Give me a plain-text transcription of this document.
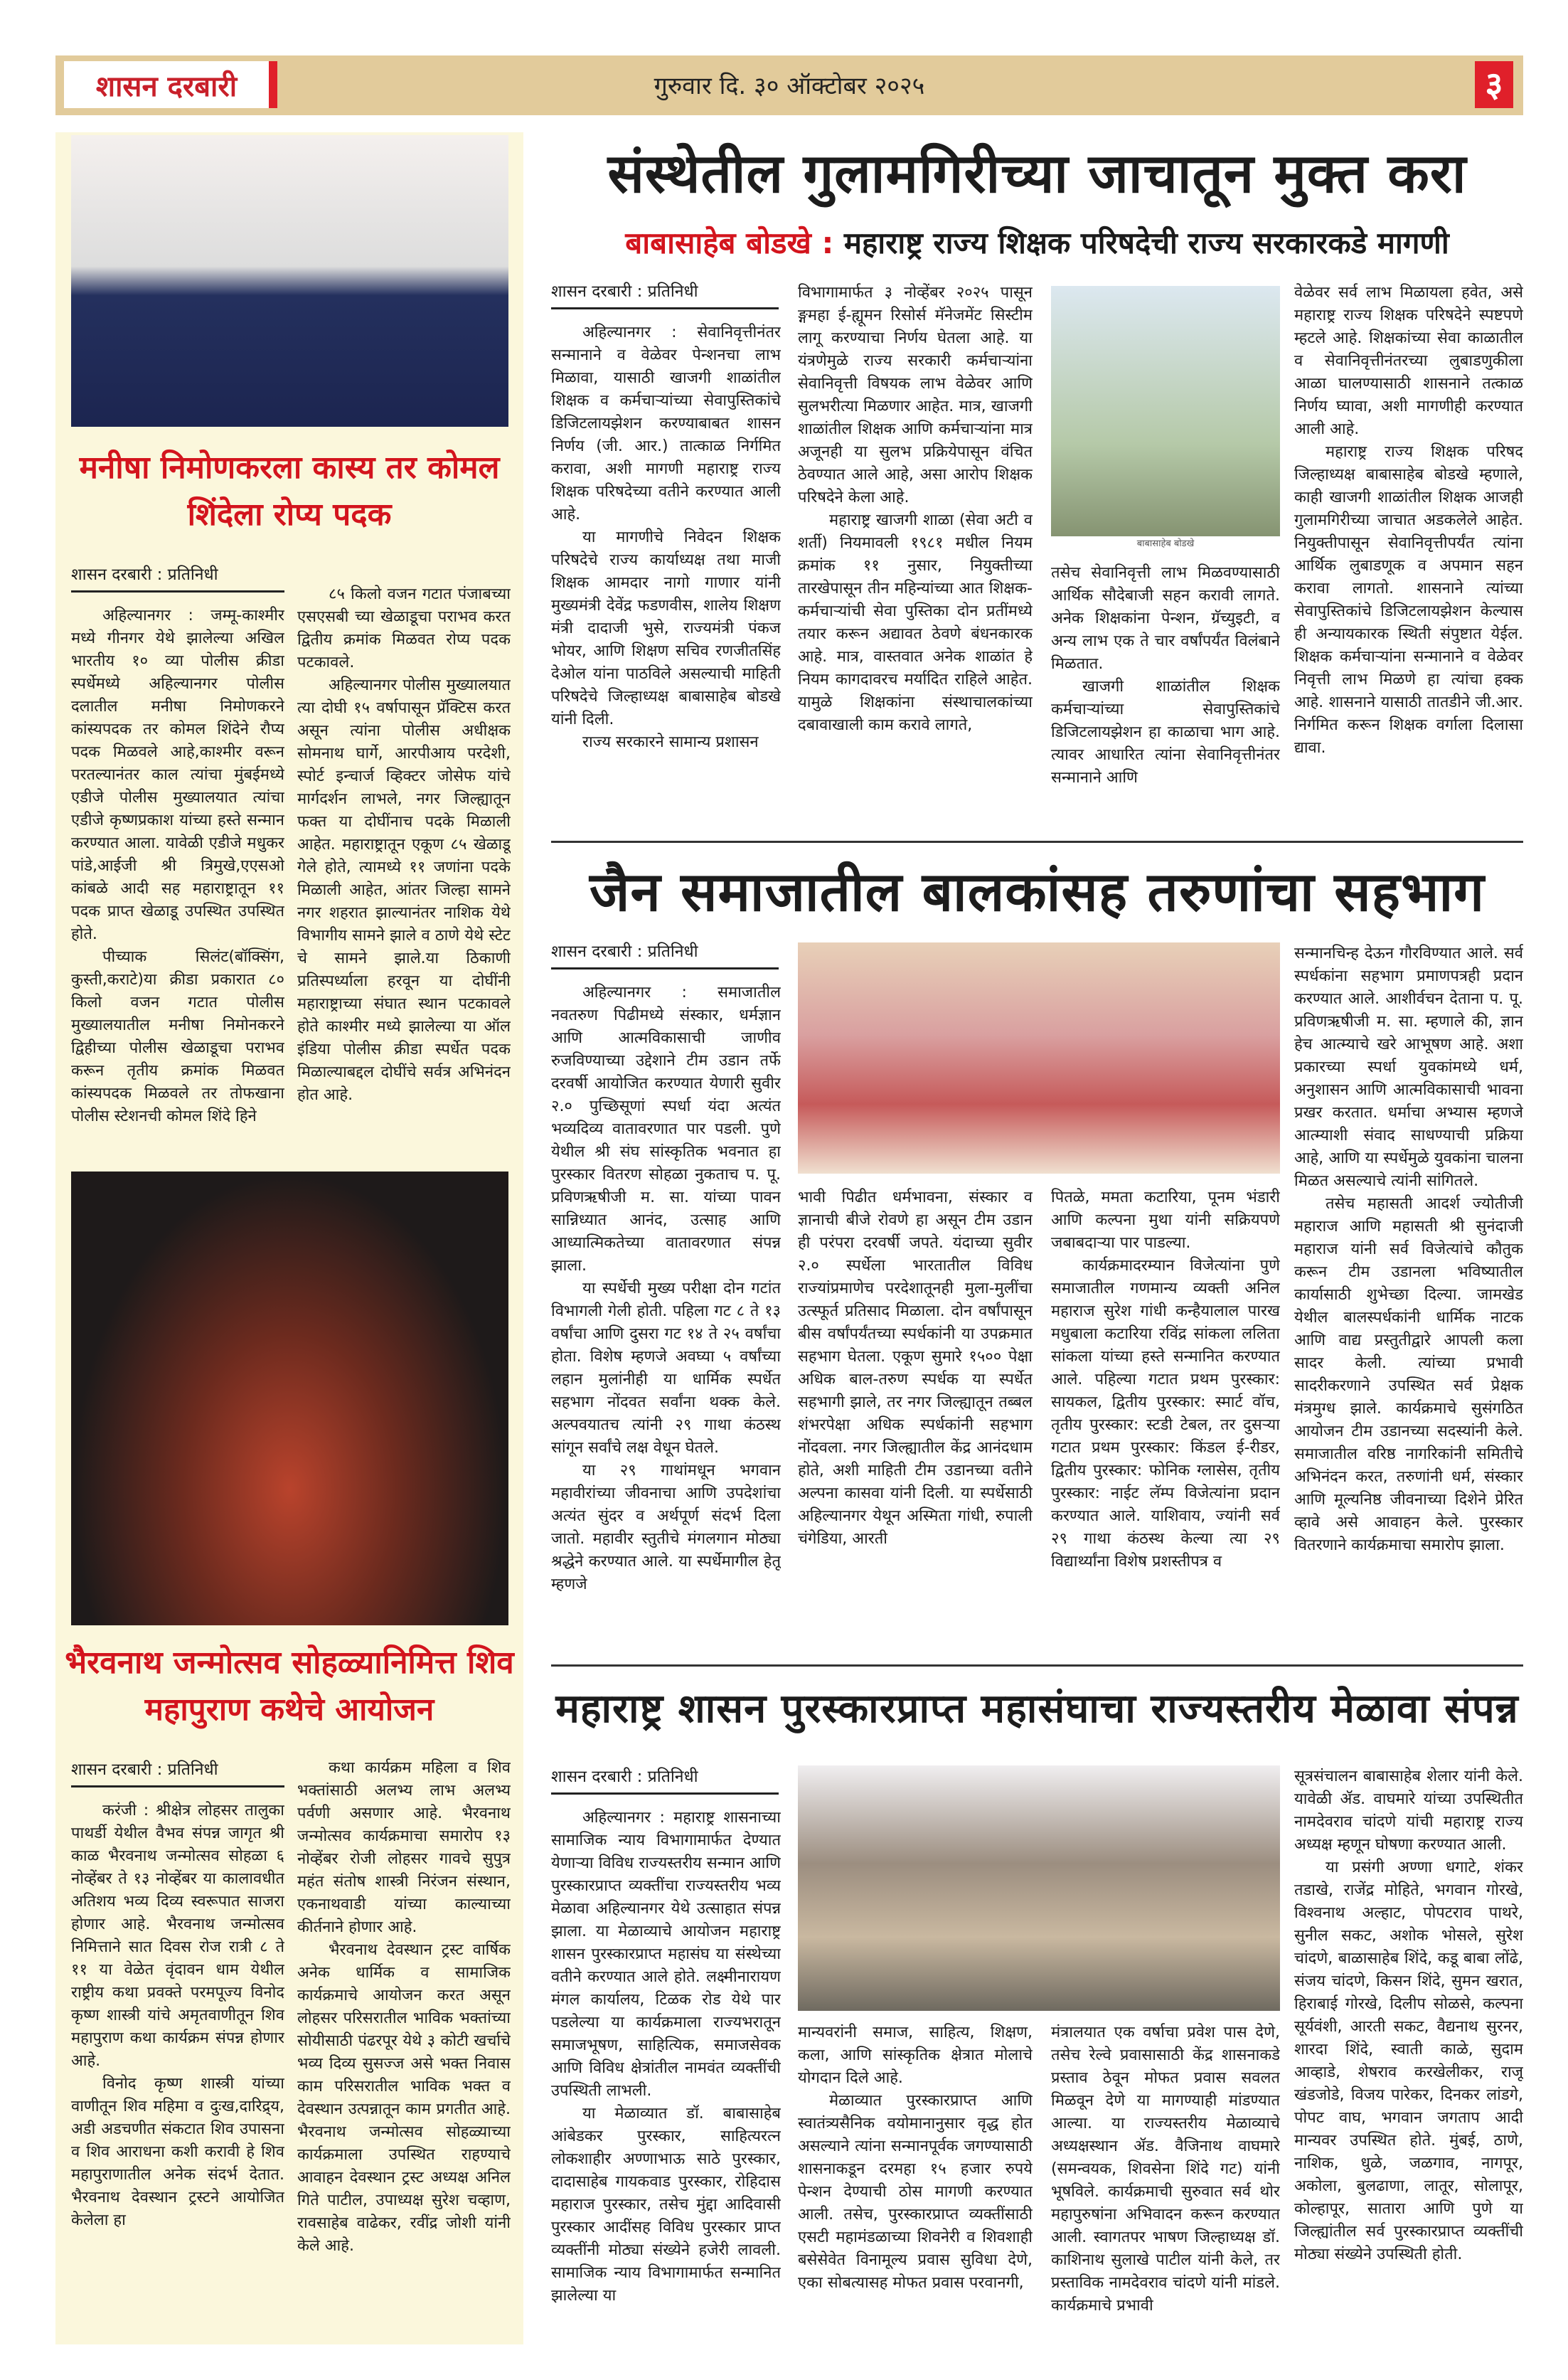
शासन दरबारी	गुरुवार दि. ३० ऑक्टोबर २०२५	३
मनीषा निमोणकरला कास्य तर कोमल शिंदेला रोप्य पदक
शासन दरबारी : प्रतिनिधी

अहिल्यानगर : जम्मू-काश्मीर मध्ये गीनगर येथे झालेल्या अखिल भारतीय १० व्या पोलीस क्रीडा स्पर्धेमध्ये अहिल्यानगर पोलीस दलातील मनीषा निमोणकरने कांस्यपदक तर कोमल शिंदेने रौप्य पदक मिळवले आहे,काश्मीर वरून परतल्यानंतर काल त्यांचा मुंबईमध्ये एडीजे पोलीस मुख्यालयात त्यांचा एडीजे कृष्णप्रकाश यांच्या हस्ते सन्मान करण्यात आला. यावेळी एडीजे मधुकर पांडे,आईजी श्री त्रिमुखे,एएसओ कांबळे आदी सह महाराष्ट्रातून ११ पदक प्राप्त खेळाडू उपस्थित उपस्थित होते.

पीच्याक सिलंट(बॉक्सिंग, कुस्ती,कराटे)या क्रीडा प्रकारात ८० किलो वजन गटात पोलीस मुख्यालयातील मनीषा निमोनकरने द्विहीच्या पोलीस खेळाडूचा पराभव करून तृतीय क्रमांक मिळवत कांस्यपदक मिळवले तर तोफखाना पोलीस स्टेशनची कोमल शिंदे हिने

८५ किलो वजन गटात पंजाबच्या एसएसबी च्या खेळाडूचा पराभव करत द्वितीय क्रमांक मिळवत रोप्य पदक पटकावले.

अहिल्यानगर पोलीस मुख्यालयात त्या दोघी १५ वर्षापासून प्रॅक्टिस करत असून त्यांना पोलीस अधीक्षक सोमनाथ घार्गे, आरपीआय परदेशी, स्पोर्ट इन्चार्ज व्हिक्टर जोसेफ यांचे मार्गदर्शन लाभले, नगर जिल्ह्यातून फक्त या दोघींनाच पदके मिळाली आहेत. महाराष्ट्रातून एकूण ८५ खेळाडू गेले होते, त्यामध्ये ११ जणांना पदके मिळाली आहेत, आंतर जिल्हा सामने नगर शहरात झाल्यानंतर नाशिक येथे विभागीय सामने झाले व ठाणे येथे स्टेट चे सामने झाले.या ठिकाणी प्रतिस्पर्ध्याला हरवून या दोघींनी महाराष्ट्राच्या संघात स्थान पटकावले होते काश्मीर मध्ये झालेल्या या ऑल इंडिया पोलीस क्रीडा स्पर्धेत पदक मिळाल्याबद्दल दोघींचे सर्वत्र अभिनंदन होत आहे.

भैरवनाथ जन्मोत्सव सोहळ्यानिमित्त शिव महापुराण कथेचे आयोजन
शासन दरबारी : प्रतिनिधी

करंजी : श्रीक्षेत्र लोहसर तालुका पाथर्डी येथील वैभव संपन्न जागृत श्री काळ भैरवनाथ जन्मोत्सव सोहळा ६ नोव्हेंबर ते १३ नोव्हेंबर या कालावधीत अतिशय भव्य दिव्य स्वरूपात साजरा होणार आहे. भैरवनाथ जन्मोत्सव निमित्ताने सात दिवस रोज रात्री ८ ते ११ या वेळेत वृंदावन धाम येथील राष्ट्रीय कथा प्रवक्ते परमपूज्य विनोद कृष्ण शास्त्री यांचे अमृतवाणीतून शिव महापुराण कथा कार्यक्रम संपन्न होणार आहे.

विनोद कृष्ण शास्त्री यांच्या वाणीतून शिव महिमा व दुःख,दारिद्र्य, अडी अडचणीत संकटात शिव उपासना व शिव आराधना कशी करावी हे शिव महापुराणातील अनेक संदर्भ देतात. भैरवनाथ देवस्थान ट्रस्टने आयोजित केलेला हा

कथा कार्यक्रम महिला व शिव भक्तांसाठी अलभ्य लाभ अलभ्य पर्वणी असणार आहे. भैरवनाथ जन्मोत्सव कार्यक्रमाचा समारोप १३ नोव्हेंबर रोजी लोहसर गावचे सुपुत्र महंत संतोष शास्त्री निरंजन संस्थान, एकनाथवाडी यांच्या काल्याच्या कीर्तनाने होणार आहे.

भैरवनाथ देवस्थान ट्रस्ट वार्षिक अनेक धार्मिक व सामाजिक कार्यक्रमाचे आयोजन करत असून लोहसर परिसरातील भाविक भक्तांच्या सोयीसाठी पंढरपूर येथे ३ कोटी खर्चाचे भव्य दिव्य सुसज्ज असे भक्त निवास काम परिसरातील भाविक भक्त व देवस्थान उत्पन्नातून काम प्रगतीत आहे. भैरवनाथ जन्मोत्सव सोहळ्याच्या कार्यक्रमाला उपस्थित राहण्याचे आवाहन देवस्थान ट्रस्ट अध्यक्ष अनिल गिते पाटील, उपाध्यक्ष सुरेश चव्हाण, रावसाहेब वाढेकर, रवींद्र जोशी यांनी केले आहे.

संस्थेतील गुलामगिरीच्या जाचातून मुक्त करा
बाबासाहेब बोडखे : महाराष्ट्र राज्य शिक्षक परिषदेची राज्य सरकारकडे मागणी
शासन दरबारी : प्रतिनिधी

अहिल्यानगर : सेवानिवृत्तीनंतर सन्मानाने व वेळेवर पेन्शनचा लाभ मिळावा, यासाठी खाजगी शाळांतील शिक्षक व कर्मचाऱ्यांच्या सेवापुस्तिकांचे डिजिटलायझेशन करण्याबाबत शासन निर्णय (जी. आर.) तात्काळ निर्गमित करावा, अशी मागणी महाराष्ट्र राज्य शिक्षक परिषदेच्या वतीने करण्यात आली आहे.

या मागणीचे निवेदन शिक्षक परिषदेचे राज्य कार्याध्यक्ष तथा माजी शिक्षक आमदार नागो गाणार यांनी मुख्यमंत्री देवेंद्र फडणवीस, शालेय शिक्षण मंत्री दादाजी भुसे, राज्यमंत्री पंकज भोयर, आणि शिक्षण सचिव रणजीतसिंह देओल यांना पाठविले असल्याची माहिती परिषदेचे जिल्हाध्यक्ष बाबासाहेब बोडखे यांनी दिली.

राज्य सरकारने सामान्य प्रशासन

विभागामार्फत ३ नोव्हेंबर २०२५ पासून ङ्गमहा ई-ह्यूमन रिसोर्स मॅनेजमेंट सिस्टीम लागू करण्याचा निर्णय घेतला आहे. या यंत्रणेमुळे राज्य सरकारी कर्मचाऱ्यांना सेवानिवृत्ती विषयक लाभ वेळेवर आणि सुलभरीत्या मिळणार आहेत. मात्र, खाजगी शाळांतील शिक्षक आणि कर्मचाऱ्यांना मात्र अजूनही या सुलभ प्रक्रियेपासून वंचित ठेवण्यात आले आहे, असा आरोप शिक्षक परिषदेने केला आहे.

महाराष्ट्र खाजगी शाळा (सेवा अटी व शर्ती) नियमावली १९८१ मधील नियम क्रमांक ११ नुसार, नियुक्तीच्या तारखेपासून तीन महिन्यांच्या आत शिक्षक-कर्मचाऱ्यांची सेवा पुस्तिका दोन प्रतींमध्ये तयार करून अद्यावत ठेवणे बंधनकारक आहे. मात्र, वास्तवात अनेक शाळांत हे नियम कागदावरच मर्यादित राहिले आहेत. यामुळे शिक्षकांना संस्थाचालकांच्या दबावाखाली काम करावे लागते,

बाबासाहेब बोडखे

तसेच सेवानिवृत्ती लाभ मिळवण्यासाठी आर्थिक सौदेबाजी सहन करावी लागते. अनेक शिक्षकांना पेन्शन, ग्रॅच्युइटी, व अन्य लाभ एक ते चार वर्षांपर्यंत विलंबाने मिळतात.

खाजगी शाळांतील शिक्षक कर्मचाऱ्यांच्या सेवापुस्तिकांचे डिजिटलायझेशन हा काळाचा भाग आहे. त्यावर आधारित त्यांना सेवानिवृत्तीनंतर सन्मानाने आणि

वेळेवर सर्व लाभ मिळायला हवेत, असे महाराष्ट्र राज्य शिक्षक परिषदेने स्पष्टपणे म्हटले आहे. शिक्षकांच्या सेवा काळातील व सेवानिवृत्तीनंतरच्या लुबाडणुकीला आळा घालण्यासाठी शासनाने तत्काळ निर्णय घ्यावा, अशी मागणीही करण्यात आली आहे.

महाराष्ट्र राज्य शिक्षक परिषद जिल्हाध्यक्ष बाबासाहेब बोडखे म्हणाले, काही खाजगी शाळांतील शिक्षक आजही गुलामगिरीच्या जाचात अडकलेले आहेत. नियुक्तीपासून सेवानिवृत्तीपर्यंत त्यांना आर्थिक लुबाडणूक व अपमान सहन करावा लागतो. शासनाने त्यांच्या सेवापुस्तिकांचे डिजिटलायझेशन केल्यास ही अन्यायकारक स्थिती संपुष्टात येईल. शिक्षक कर्मचाऱ्यांना सन्मानाने व वेळेवर निवृत्ती लाभ मिळणे हा त्यांचा हक्क आहे. शासनाने यासाठी तातडीने जी.आर. निर्गमित करून शिक्षक वर्गाला दिलासा द्यावा.

जैन समाजातील बालकांसह तरुणांचा सहभाग
शासन दरबारी : प्रतिनिधी

अहिल्यानगर : समाजातील नवतरुण पिढीमध्ये संस्कार, धर्मज्ञान आणि आत्मविकासाची जाणीव रुजविण्याच्या उद्देशाने टीम उडान तर्फे दरवर्षी आयोजित करण्यात येणारी सुवीर २.० पुच्छिसूणां स्पर्धा यंदा अत्यंत भव्यदिव्य वातावरणात पार पडली. पुणे येथील श्री संघ सांस्कृतिक भवनात हा पुरस्कार वितरण सोहळा नुकताच प. पू. प्रविणऋषीजी म. सा. यांच्या पावन सान्निध्यात आनंद, उत्साह आणि आध्यात्मिकतेच्या वातावरणात संपन्न झाला.

या स्पर्धेची मुख्य परीक्षा दोन गटांत विभागली गेली होती. पहिला गट ८ ते १३ वर्षांचा आणि दुसरा गट १४ ते २५ वर्षांचा होता. विशेष म्हणजे अवघ्या ५ वर्षांच्या लहान मुलांनीही या धार्मिक स्पर्धेत सहभाग नोंदवत सर्वांना थक्क केले. अल्पवयातच त्यांनी २९ गाथा कंठस्थ सांगून सर्वांचे लक्ष वेधून घेतले.

या २९ गाथांमधून भगवान महावीरांच्या जीवनाचा आणि उपदेशांचा अत्यंत सुंदर व अर्थपूर्ण संदर्भ दिला जातो. महावीर स्तुतीचे मंगलगान मोठ्या श्रद्धेने करण्यात आले. या स्पर्धेमागील हेतू म्हणजे

भावी पिढीत धर्मभावना, संस्कार व ज्ञानाची बीजे रोवणे हा असून टीम उडान ही परंपरा दरवर्षी जपते. यंदाच्या सुवीर २.० स्पर्धेला भारतातील विविध राज्यांप्रमाणेच परदेशातूनही मुला-मुलींचा उत्स्फूर्त प्रतिसाद मिळाला. दोन वर्षांपासून बीस वर्षांपर्यंतच्या स्पर्धकांनी या उपक्रमात सहभाग घेतला. एकूण सुमारे १५०० पेक्षा अधिक बाल-तरुण स्पर्धक या स्पर्धेत सहभागी झाले, तर नगर जिल्ह्यातून तब्बल शंभरपेक्षा अधिक स्पर्धकांनी सहभाग नोंदवला. नगर जिल्ह्यातील केंद्र आनंदधाम होते, अशी माहिती टीम उडानच्या वतीने अल्पना कासवा यांनी दिली. या स्पर्धेसाठी अहिल्यानगर येथून अस्मिता गांधी, रुपाली चंगेडिया, आरती

पितळे, ममता कटारिया, पूनम भंडारी आणि कल्पना मुथा यांनी सक्रियपणे जबाबदाऱ्या पार पाडल्या.

कार्यक्रमादरम्यान विजेत्यांना पुणे समाजातील गणमान्य व्यक्ती अनिल महाराज सुरेश गांधी कन्हैयालाल पारख मधुबाला कटारिया रविंद्र सांकला ललिता सांकला यांच्या हस्ते सन्मानित करण्यात आले. पहिल्या गटात प्रथम पुरस्कार: सायकल, द्वितीय पुरस्कार: स्मार्ट वॉच, तृतीय पुरस्कार: स्टडी टेबल, तर दुसऱ्या गटात प्रथम पुरस्कार: किंडल ई-रीडर, द्वितीय पुरस्कार: फोनिक ग्लासेस, तृतीय पुरस्कार: नाईट लॅम्प विजेत्यांना प्रदान करण्यात आले. याशिवाय, ज्यांनी सर्व २९ गाथा कंठस्थ केल्या त्या २९ विद्यार्थ्यांना विशेष प्रशस्तीपत्र व

सन्मानचिन्ह देऊन गौरविण्यात आले. सर्व स्पर्धकांना सहभाग प्रमाणपत्रही प्रदान करण्यात आले. आशीर्वचन देताना प. पू. प्रविणऋषीजी म. सा. म्हणाले की, ज्ञान हेच आत्म्याचे खरे आभूषण आहे. अशा प्रकारच्या स्पर्धा युवकांमध्ये धर्म, अनुशासन आणि आत्मविकासाची भावना प्रखर करतात. धर्माचा अभ्यास म्हणजे आत्म्याशी संवाद साधण्याची प्रक्रिया आहे, आणि या स्पर्धेमुळे युवकांना चालना मिळत असल्याचे त्यांनी सांगितले.

तसेच महासती आदर्श ज्योतीजी महाराज आणि महासती श्री सुनंदाजी महाराज यांनी सर्व विजेत्यांचे कौतुक करून टीम उडानला भविष्यातील कार्यासाठी शुभेच्छा दिल्या. जामखेड येथील बालस्पर्धकांनी धार्मिक नाटक आणि वाद्य प्रस्तुतीद्वारे आपली कला सादर केली. त्यांच्या प्रभावी सादरीकरणाने उपस्थित सर्व प्रेक्षक मंत्रमुग्ध झाले. कार्यक्रमाचे सुसंगठित आयोजन टीम उडानच्या सदस्यांनी केले. समाजातील वरिष्ठ नागरिकांनी समितीचे अभिनंदन करत, तरुणांनी धर्म, संस्कार आणि मूल्यनिष्ठ जीवनाच्या दिशेने प्रेरित व्हावे असे आवाहन केले. पुरस्कार वितरणाने कार्यक्रमाचा समारोप झाला.

महाराष्ट्र शासन पुरस्कारप्राप्त महासंघाचा राज्यस्तरीय मेळावा संपन्न
शासन दरबारी : प्रतिनिधी

अहिल्यानगर : महाराष्ट्र शासनाच्या सामाजिक न्याय विभागामार्फत देण्यात येणाऱ्या विविध राज्यस्तरीय सन्मान आणि पुरस्कारप्राप्त व्यक्तींचा राज्यस्तरीय भव्य मेळावा अहिल्यानगर येथे उत्साहात संपन्न झाला. या मेळाव्याचे आयोजन महाराष्ट्र शासन पुरस्कारप्राप्त महासंघ या संस्थेच्या वतीने करण्यात आले होते. लक्ष्मीनारायण मंगल कार्यालय, टिळक रोड येथे पार पडलेल्या या कार्यक्रमाला राज्यभरातून समाजभूषण, साहित्यिक, समाजसेवक आणि विविध क्षेत्रांतील नामवंत व्यक्तींची उपस्थिती लाभली.

या मेळाव्यात डॉ. बाबासाहेब आंबेडकर पुरस्कार, साहित्यरत्न लोकशाहीर अण्णाभाऊ साठे पुरस्कार, दादासाहेब गायकवाड पुरस्कार, रोहिदास महाराज पुरस्कार, तसेच मुंद्दा आदिवासी पुरस्कार आदींसह विविध पुरस्कार प्राप्त व्यक्तींनी मोठ्या संख्येने हजेरी लावली. सामाजिक न्याय विभागामार्फत सन्मानित झालेल्या या

मान्यवरांनी समाज, साहित्य, शिक्षण, कला, आणि सांस्कृतिक क्षेत्रात मोलाचे योगदान दिले आहे.

मेळाव्यात पुरस्कारप्राप्त आणि स्वातंत्र्यसैनिक वयोमानानुसार वृद्ध होत असल्याने त्यांना सन्मानपूर्वक जगण्यासाठी शासनाकडून दरमहा १५ हजार रुपये पेन्शन देण्याची ठोस मागणी करण्यात आली. तसेच, पुरस्कारप्राप्त व्यक्तींसाठी एसटी महामंडळाच्या शिवनेरी व शिवशाही बसेसेवेत विनामूल्य प्रवास सुविधा देणे, एका सोबत्यासह मोफत प्रवास परवानगी,

मंत्रालयात एक वर्षाचा प्रवेश पास देणे, तसेच रेल्वे प्रवासासाठी केंद्र शासनाकडे प्रस्ताव ठेवून मोफत प्रवास सवलत मिळवून देणे या मागण्याही मांडण्यात आल्या. या राज्यस्तरीय मेळाव्याचे अध्यक्षस्थान ॲड. वैजिनाथ वाघमारे (समन्वयक, शिवसेना शिंदे गट) यांनी भूषविले. कार्यक्रमाची सुरुवात सर्व थोर महापुरुषांना अभिवादन करून करण्यात आली. स्वागतपर भाषण जिल्हाध्यक्ष डॉ. काशिनाथ सुलाखे पाटील यांनी केले, तर प्रस्ताविक नामदेवराव चांदणे यांनी मांडले. कार्यक्रमाचे प्रभावी

सूत्रसंचालन बाबासाहेब शेलार यांनी केले. यावेळी ॲड. वाघमारे यांच्या उपस्थितीत नामदेवराव चांदणे यांची महाराष्ट्र राज्य अध्यक्ष म्हणून घोषणा करण्यात आली.

या प्रसंगी अण्णा धगाटे, शंकर तडाखे, राजेंद्र मोहिते, भगवान गोरखे, विश्वनाथ अल्हाट, पोपटराव पाथरे, सुनील सकट, अशोक भोसले, सुरेश चांदणे, बाळासाहेब शिंदे, कडू बाबा लोंढे, संजय चांदणे, किसन शिंदे, सुमन खरात, हिराबाई गोरखे, दिलीप सोळसे, कल्पना सूर्यवंशी, आरती सकट, वैद्यनाथ सुरनर, शारदा शिंदे, स्वाती काळे, सुदाम आव्हाडे, शेषराव करखेलीकर, राजू खंडजोडे, विजय पारेकर, दिनकर लांडगे, पोपट वाघ, भगवान जगताप आदी मान्यवर उपस्थित होते. मुंबई, ठाणे, नाशिक, धुळे, जळगाव, नागपूर, अकोला, बुलढाणा, लातूर, सोलापूर, कोल्हापूर, सातारा आणि पुणे या जिल्ह्यांतील सर्व पुरस्कारप्राप्त व्यक्तींची मोठ्या संख्येने उपस्थिती होती.
